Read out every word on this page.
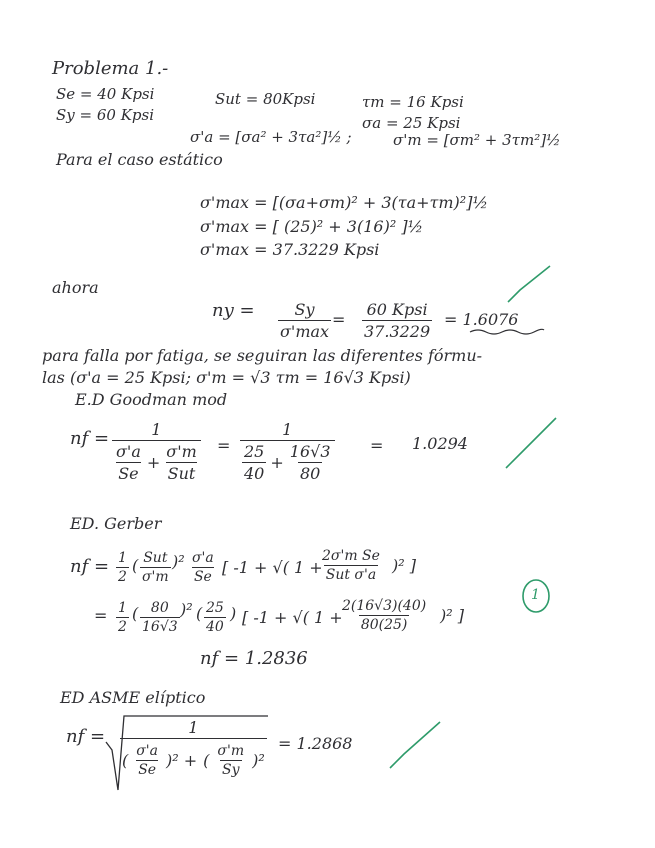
Problema 1.-
Se = 40 Kpsi
Sy = 60 Kpsi
Sut = 80Kpsi	τm = 16 Kpsi
σa = 25 Kpsi
σ'a = [σa² + 3τa²]½ ;	σ'm = [σm² + 3τm²]½
Para el caso estático
σ'max = [(σa+σm)² + 3(τa+τm)²]½
σ'max = [ (25)² + 3(16)² ]½
σ'max = 37.3229 Kpsi
ahora
ny = Sy
σ'max
=
60 Kpsi
37.3229
= 1.6076
para falla por fatiga, se seguiran las diferentes fórmu-
las (σ'a = 25 Kpsi; σ'm = √3 τm = 16√3 Kpsi)
E.D Goodman mod
nf =	1
$\frac{\sigma'a}{Se} + \frac{\sigma'm}{\text{Sut}} = \frac{1}{\frac{25}{40} + \frac{16√3}{80}} = 1.0294$
ED. Gerber
nf = $\frac{1}{2}$ ( Sut
σ'm
)$^2 \frac{\sigma'a}{Se}$ [ -1 + √( 1 +
2σ'm Se
Sut σ'a )² ]
= $\frac{1}{2}$ ( $\frac{80}{16√3} )^2$ ( $\frac{25}{40}$ ) [ -1 + √( 1 +
$\frac{2(16√3)(40)}{80(25)} )^2$ ]
nf = 1.2836
ED ASME elíptico
nf =	1
( $\frac{\sigma'a}{Se} )^2$ + ( $\frac{\sigma'm}{Sy} )^2$
= 1.2868
1
